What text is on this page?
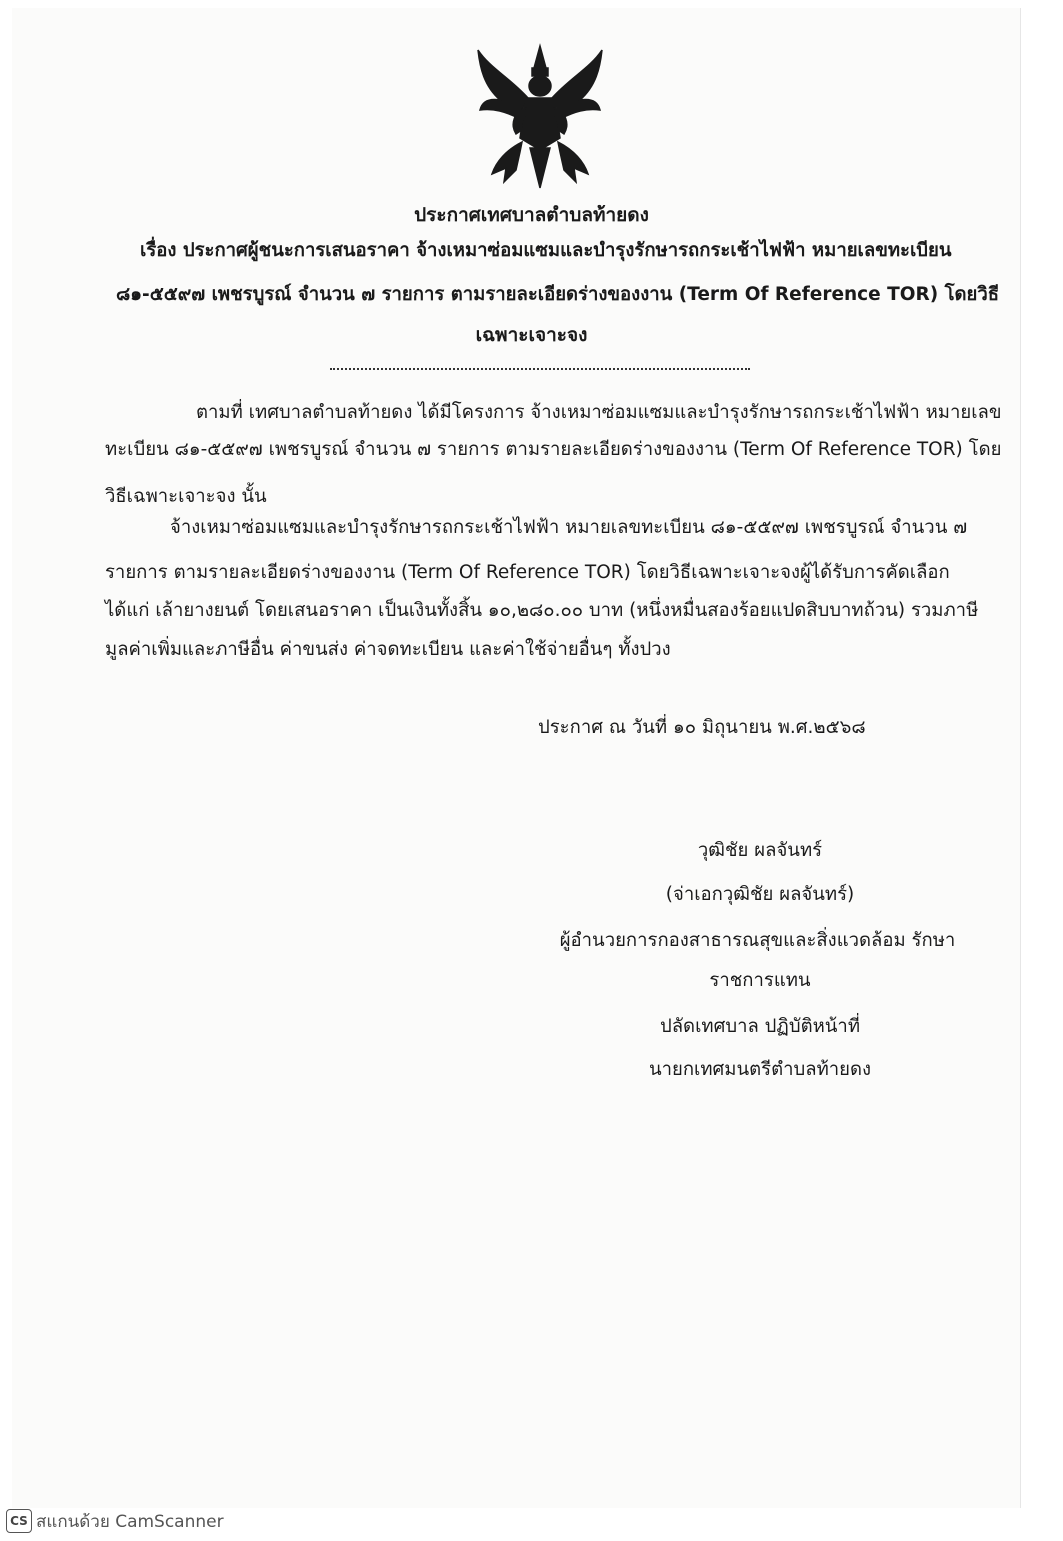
ประกาศเทศบาลตำบลท้ายดง
เรื่อง ประกาศผู้ชนะการเสนอราคา จ้างเหมาซ่อมแซมและบำรุงรักษารถกระเช้าไฟฟ้า หมายเลขทะเบียน
๘๑-๕๕๙๗ เพชรบูรณ์ จำนวน ๗ รายการ ตามรายละเอียดร่างของงาน (Term Of Reference TOR) โดยวิธี
เฉพาะเจาะจง
ตามที่ เทศบาลตำบลท้ายดง ได้มีโครงการ จ้างเหมาซ่อมแซมและบำรุงรักษารถกระเช้าไฟฟ้า หมายเลข
ทะเบียน ๘๑-๕๕๙๗ เพชรบูรณ์ จำนวน ๗ รายการ ตามรายละเอียดร่างของงาน (Term Of Reference TOR) โดย
วิธีเฉพาะเจาะจง นั้น
จ้างเหมาซ่อมแซมและบำรุงรักษารถกระเช้าไฟฟ้า หมายเลขทะเบียน ๘๑-๕๕๙๗ เพชรบูรณ์ จำนวน ๗
รายการ ตามรายละเอียดร่างของงาน (Term Of Reference TOR) โดยวิธีเฉพาะเจาะจงผู้ได้รับการคัดเลือก
ได้แก่ เล้ายางยนต์ โดยเสนอราคา เป็นเงินทั้งสิ้น ๑๐,๒๘๐.๐๐ บาท (หนึ่งหมื่นสองร้อยแปดสิบบาทถ้วน) รวมภาษี
มูลค่าเพิ่มและภาษีอื่น ค่าขนส่ง ค่าจดทะเบียน และค่าใช้จ่ายอื่นๆ ทั้งปวง
ประกาศ ณ วันที่ ๑๐ มิถุนายน พ.ศ.๒๕๖๘
วุฒิชัย ผลจันทร์
(จ่าเอกวุฒิชัย ผลจันทร์)
ผู้อำนวยการกองสาธารณสุขและสิ่งแวดล้อม รักษา
ราชการแทน
ปลัดเทศบาล ปฏิบัติหน้าที่
นายกเทศมนตรีตำบลท้ายดง
CS สแกนด้วย CamScanner
